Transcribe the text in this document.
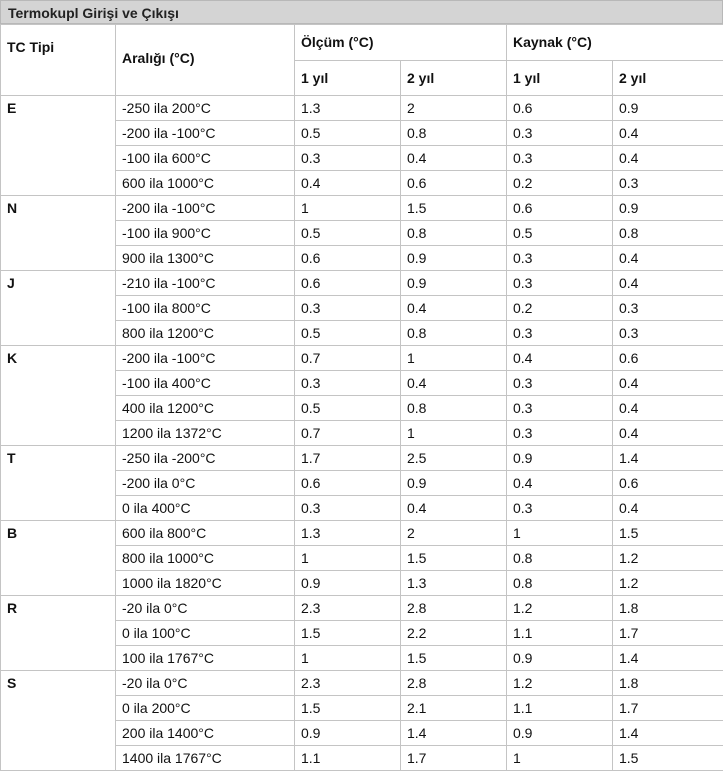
Termokupl Girişi ve Çıkışı
TC Tipi	Aralığı (°C)	Ölçüm (°C)		Kaynak (°C)	
		1 yıl	2 yıl	1 yıl	2 yıl
E	-250 ila 200°C	1.3	2	0.6	0.9
	-200 ila -100°C	0.5	0.8	0.3	0.4
	-100 ila 600°C	0.3	0.4	0.3	0.4
	600 ila 1000°C	0.4	0.6	0.2	0.3
N	-200 ila -100°C	1	1.5	0.6	0.9
	-100 ila 900°C	0.5	0.8	0.5	0.8
	900 ila 1300°C	0.6	0.9	0.3	0.4
J	-210 ila -100°C	0.6	0.9	0.3	0.4
	-100 ila 800°C	0.3	0.4	0.2	0.3
	800 ila 1200°C	0.5	0.8	0.3	0.3
K	-200 ila -100°C	0.7	1	0.4	0.6
	-100 ila 400°C	0.3	0.4	0.3	0.4
	400 ila 1200°C	0.5	0.8	0.3	0.4
	1200 ila 1372°C	0.7	1	0.3	0.4
T	-250 ila -200°C	1.7	2.5	0.9	1.4
	-200 ila 0°C	0.6	0.9	0.4	0.6
	0 ila 400°C	0.3	0.4	0.3	0.4
B	600 ila 800°C	1.3	2	1	1.5
	800 ila 1000°C	1	1.5	0.8	1.2
	1000 ila 1820°C	0.9	1.3	0.8	1.2
R	-20 ila 0°C	2.3	2.8	1.2	1.8
	0 ila 100°C	1.5	2.2	1.1	1.7
	100 ila 1767°C	1	1.5	0.9	1.4
S	-20 ila 0°C	2.3	2.8	1.2	1.8
	0 ila 200°C	1.5	2.1	1.1	1.7
	200 ila 1400°C	0.9	1.4	0.9	1.4
	1400 ila 1767°C	1.1	1.7	1	1.5
